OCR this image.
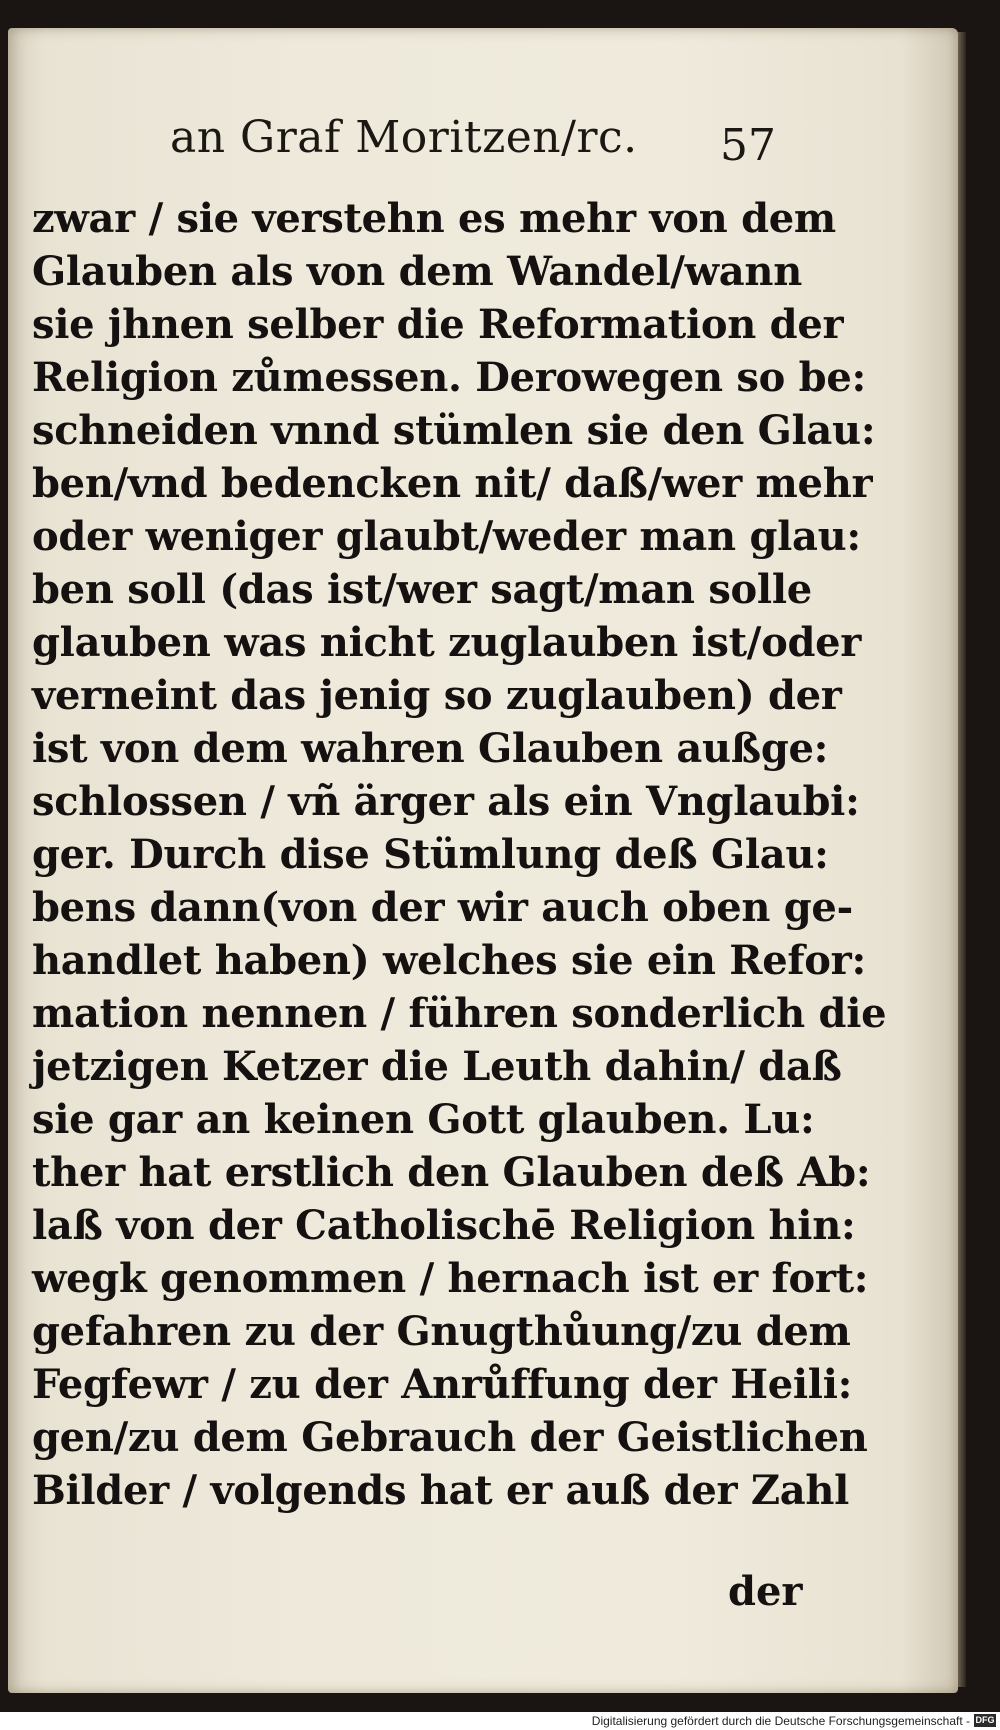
an Graf Moritzen/rc.	57
zwar / sie verstehn es mehr von dem
Glauben als von dem Wandel/wann
sie jhnen selber die Reformation der
Religion zůmessen. Derowegen so be:
schneiden vnnd stümlen sie den Glau:
ben/vnd bedencken nit/ daß/wer mehr
oder weniger glaubt/weder man glau:
ben soll (das ist/wer sagt/man solle
glauben was nicht zuglauben ist/oder
verneint das jenig so zuglauben) der
ist von dem wahren Glauben außge:
schlossen / vñ ärger als ein Vnglaubi:
ger. Durch dise Stümlung deß Glau:
bens dann(von der wir auch oben ge-
handlet haben) welches sie ein Refor:
mation nennen / führen sonderlich die
jetzigen Ketzer die Leuth dahin/ daß
sie gar an keinen Gott glauben. Lu:
ther hat erstlich den Glauben deß Ab:
laß von der Catholischē Religion hin:
wegk genommen / hernach ist er fort:
gefahren zu der Gnugthůung/zu dem
Fegfewr / zu der Anrůffung der Heili:
gen/zu dem Gebrauch der Geistlichen
Bilder / volgends hat er auß der Zahl
der
Digitalisierung gefördert durch die Deutsche Forschungsgemeinschaft - DFG
